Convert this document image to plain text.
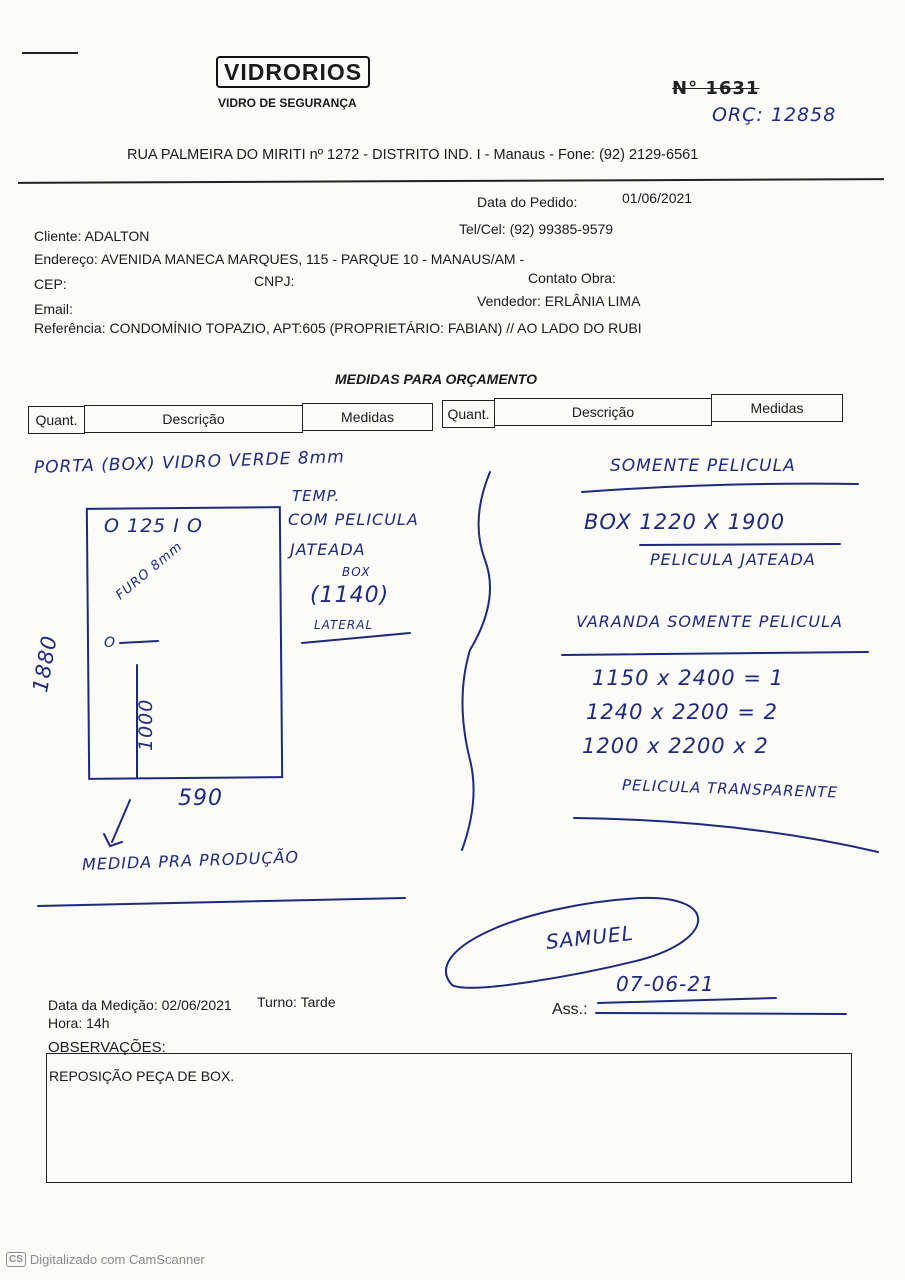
VIDRORIOS
VIDRO DE SEGURANÇA
N° 1631
ORÇ: 12858
RUA PALMEIRA DO MIRITI nº 1272 - DISTRITO IND. I - Manaus - Fone: (92) 2129-6561
Data do Pedido:	01/06/2021
Cliente: ADALTON	Tel/Cel: (92) 99385-9579
Endereço: AVENIDA MANECA MARQUES, 115 - PARQUE 10 - MANAUS/AM -
CEP:	CNPJ:	Contato Obra:
Email:	Vendedor: ERLÂNIA LIMA
Referência: CONDOMÍNIO TOPAZIO, APT:605 (PROPRIETÁRIO: FABIAN) // AO LADO DO RUBI
MEDIDAS PARA ORÇAMENTO
Quant.	Descrição	Medidas	Quant.	Descrição	Medidas
PORTA (BOX) VIDRO VERDE 8mm
TEMP.
O 125 I O	COM PELICULA
JATEADA
BOX
(1140)
LATERAL
FURO 8mm
O
1880
1000
590
MEDIDA PRA PRODUÇÃO
SOMENTE PELICULA
BOX 1220 X 1900
PELICULA JATEADA
VARANDA SOMENTE PELICULA
1150 x 2400 = 1
1240 x 2200 = 2
1200 x 2200 x 2
PELICULA TRANSPARENTE
SAMUEL
07-06-21
Ass.:
Data da Medição: 02/06/2021 Turno: Tarde
Hora: 14h
OBSERVAÇÕES:
REPOSIÇÃO PEÇA DE BOX.
CS Digitalizado com CamScanner
